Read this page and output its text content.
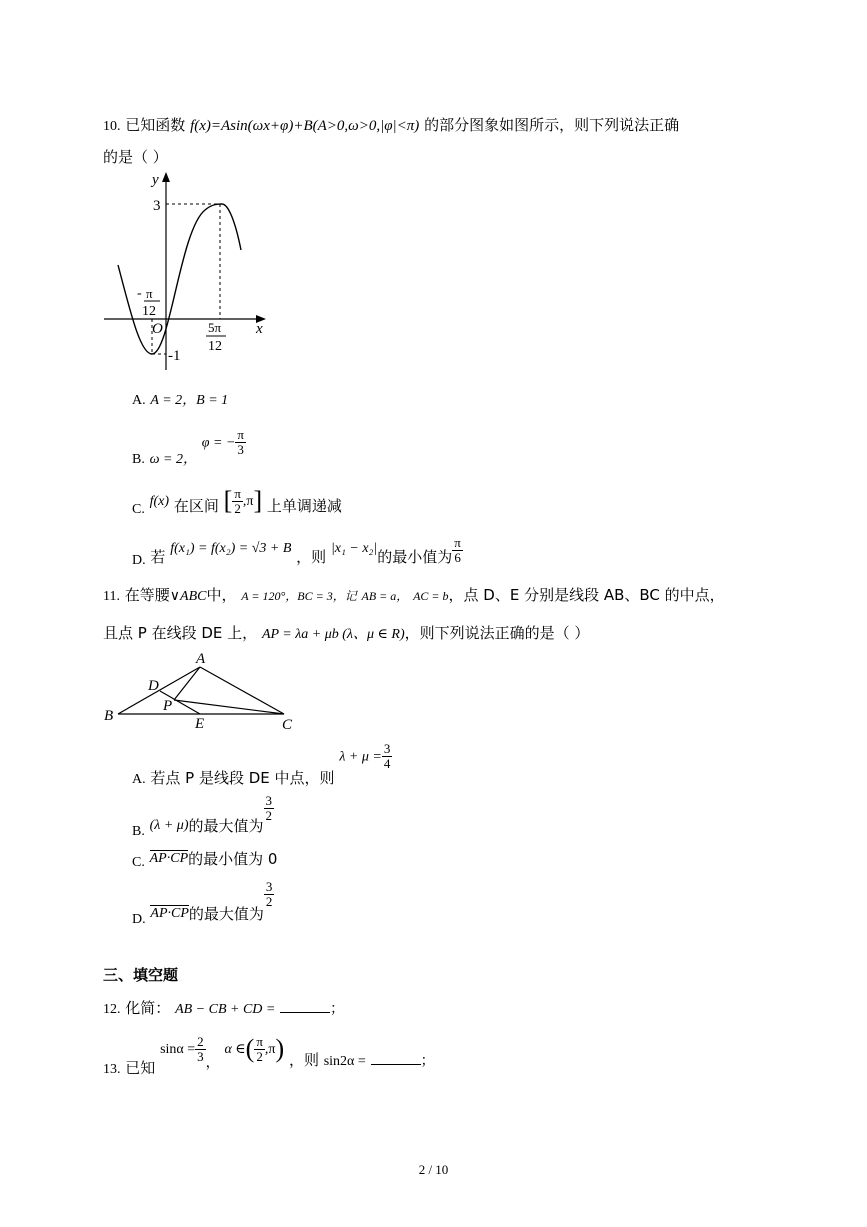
10. 已知函数 f(x)=Asin(ωx+φ)+B(A>0,ω>0,|φ|<π) 的部分图象如图所示，则下列说法正确
的是（ ）
y
x
3
-1
O
- π
12
5π
12
A. A = 2，B = 1
B. ω = 2， φ = − $\frac{\pi}{3}$
C. f(x) 在区间 [ $\frac{\pi}{2} ,\pi$] 上单调递减
D. 若 f(x₁) = f(x₂) = √3 + B ，则 |x₁ − x₂|的最小值为 $\frac{\pi}{6}$
11. 在等腰∨ABC中， A = 120°，BC = 3，记 AB = a， AC = b，点 D、E 分别是线段 AB、BC 的中点，
且点 P 在线段 DE 上， AP = λa + μb (λ、μ ∈ R)，则下列说法正确的是（ ）
A
B
C
D
E
P
A. 若点 P 是线段 DE 中点，则 $\lambda + \mu = \frac{3}{4}$
B. (λ + μ)的最大值为
$\frac{3}{2}$
C. AP·CP的最小值为 0
D. AP·CP的最大值为
$\frac{3}{2}$
三、填空题
12. 化简： AB − CB + CD =	；
13. 已知 $\sin\alpha = \frac{2}{3}$ ， α ∈( $\frac{\pi}{2} ,\pi$) ，则 sin2α =	；
2 / 10
